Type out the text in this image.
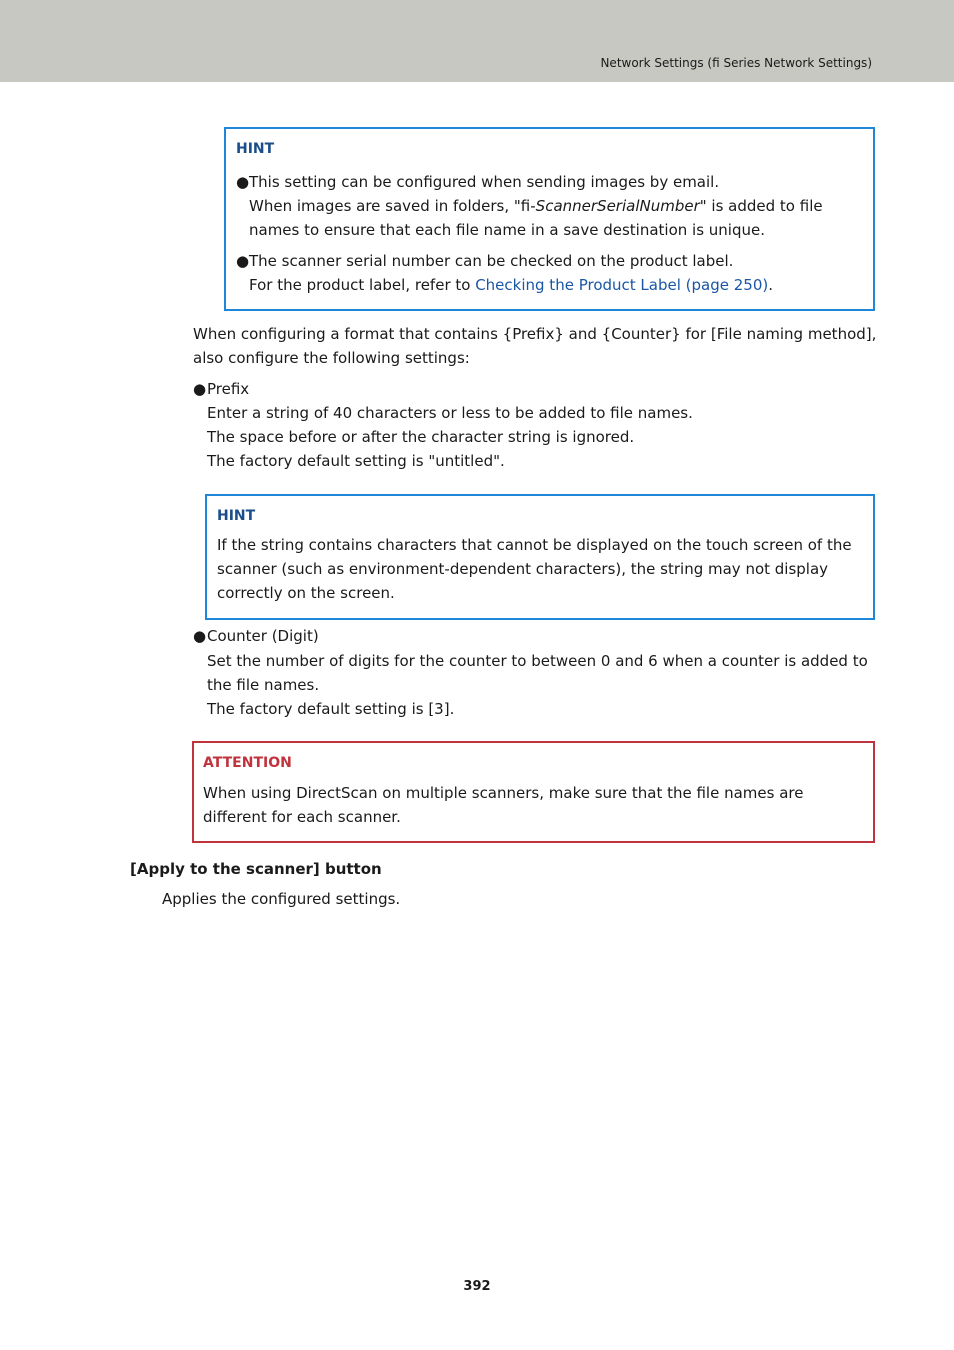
Network Settings (fi Series Network Settings)
HINT
● This setting can be configured when sending images by email.
When images are saved in folders, "fi-ScannerSerialNumber" is added to file
names to ensure that each file name in a save destination is unique.
● The scanner serial number can be checked on the product label.
For the product label, refer to Checking the Product Label (page 250).
When configuring a format that contains {Prefix} and {Counter} for [File naming method],
also configure the following settings:
● Prefix
Enter a string of 40 characters or less to be added to file names.
The space before or after the character string is ignored.
The factory default setting is "untitled".
HINT
If the string contains characters that cannot be displayed on the touch screen of the
scanner (such as environment-dependent characters), the string may not display
correctly on the screen.
● Counter (Digit)
Set the number of digits for the counter to between 0 and 6 when a counter is added to
the file names.
The factory default setting is [3].
ATTENTION
When using DirectScan on multiple scanners, make sure that the file names are
different for each scanner.
[Apply to the scanner] button
Applies the configured settings.
392
